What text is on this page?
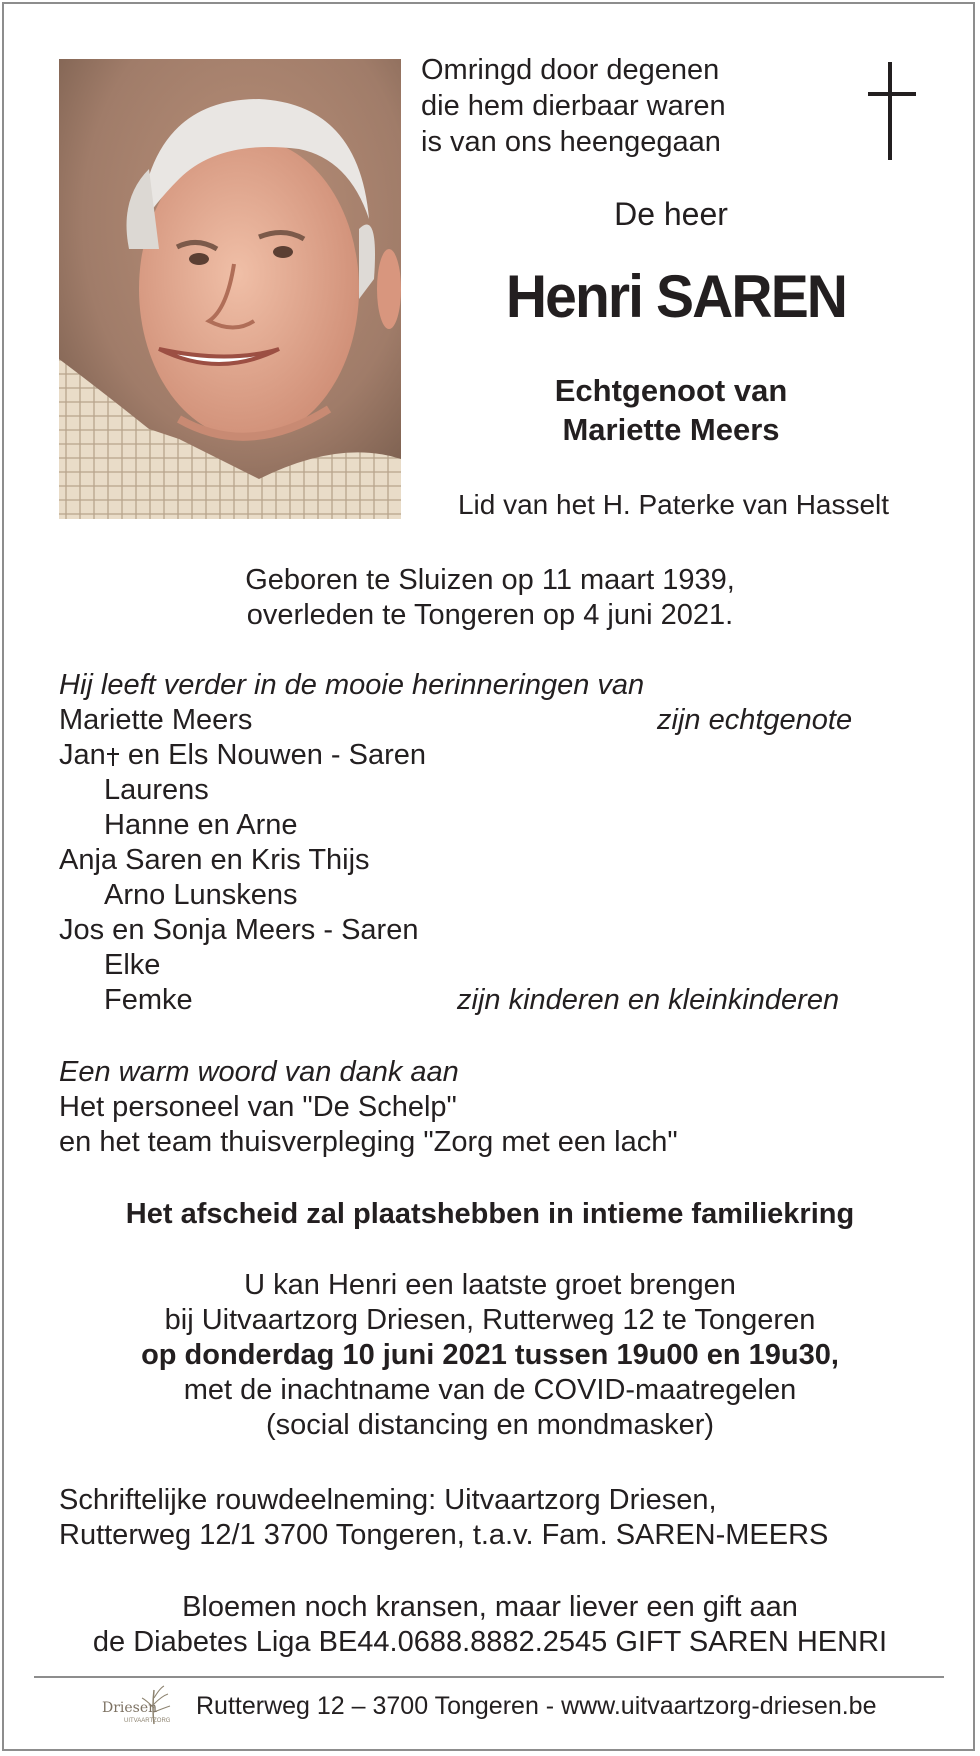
Omringd door degenen
die hem dierbaar waren
is van ons heengegaan
De heer
Henri SAREN
Echtgenoot van
Mariette Meers
Lid van het H. Paterke van Hasselt
Geboren te Sluizen op 11 maart 1939,
overleden te Tongeren op 4 juni 2021.
Hij leeft verder in de mooie herinneringen van
Mariette Meers	zijn echtgenote
Jan
en Els Nouwen - Saren
Laurens
Hanne en Arne
Anja Saren en Kris Thijs
Arno Lunskens
Jos en Sonja Meers - Saren
Elke
Femke	zijn kinderen en kleinkinderen
Een warm woord van dank aan
Het personeel van "De Schelp"
en het team thuisverpleging "Zorg met een lach"
Het afscheid zal plaatshebben in intieme familiekring
U kan Henri een laatste groet brengen
bij Uitvaartzorg Driesen, Rutterweg 12 te Tongeren
op donderdag 10 juni 2021 tussen 19u00 en 19u30,
met de inachtname van de COVID-maatregelen
(social distancing en mondmasker)
Schriftelijke rouwdeelneming: Uitvaartzorg Driesen,
Rutterweg 12/1 3700 Tongeren, t.a.v. Fam. SAREN-MEERS
Bloemen noch kransen, maar liever een gift aan
de Diabetes Liga BE44.0688.8882.2545 GIFT SAREN HENRI
Driesen
UITVAARTZORG
Rutterweg 12 – 3700 Tongeren - www.uitvaartzorg-driesen.be
